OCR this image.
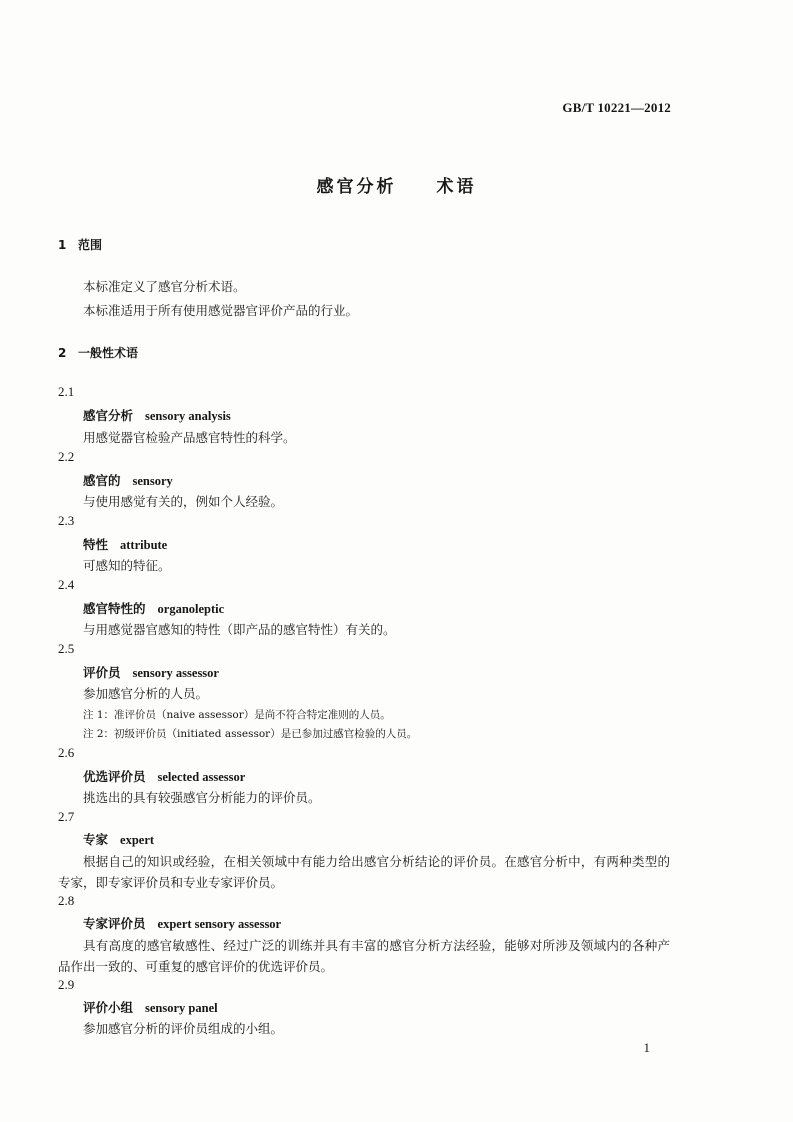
GB/T 10221—2012
感官分析　　术语
1 范围
本标准定义了感官分析术语。
本标准适用于所有使用感觉器官评价产品的行业。
2 一般性术语
2.1
感官分析 sensory analysis
用感觉器官检验产品感官特性的科学。
2.2
感官的 sensory
与使用感觉有关的，例如个人经验。
2.3
特性 attribute
可感知的特征。
2.4
感官特性的 organoleptic
与用感觉器官感知的特性（即产品的感官特性）有关的。
2.5
评价员 sensory assessor
参加感官分析的人员。
注 1：准评价员（naive assessor）是尚不符合特定准则的人员。
注 2：初级评价员（initiated assessor）是已参加过感官检验的人员。
2.6
优选评价员 selected assessor
挑选出的具有较强感官分析能力的评价员。
2.7
专家 expert
根据自己的知识或经验，在相关领域中有能力给出感官分析结论的评价员。在感官分析中，有两种类型的专家，即专家评价员和专业专家评价员。
2.8
专家评价员 expert sensory assessor
具有高度的感官敏感性、经过广泛的训练并具有丰富的感官分析方法经验，能够对所涉及领域内的各种产品作出一致的、可重复的感官评价的优选评价员。
2.9
评价小组 sensory panel
参加感官分析的评价员组成的小组。
1
